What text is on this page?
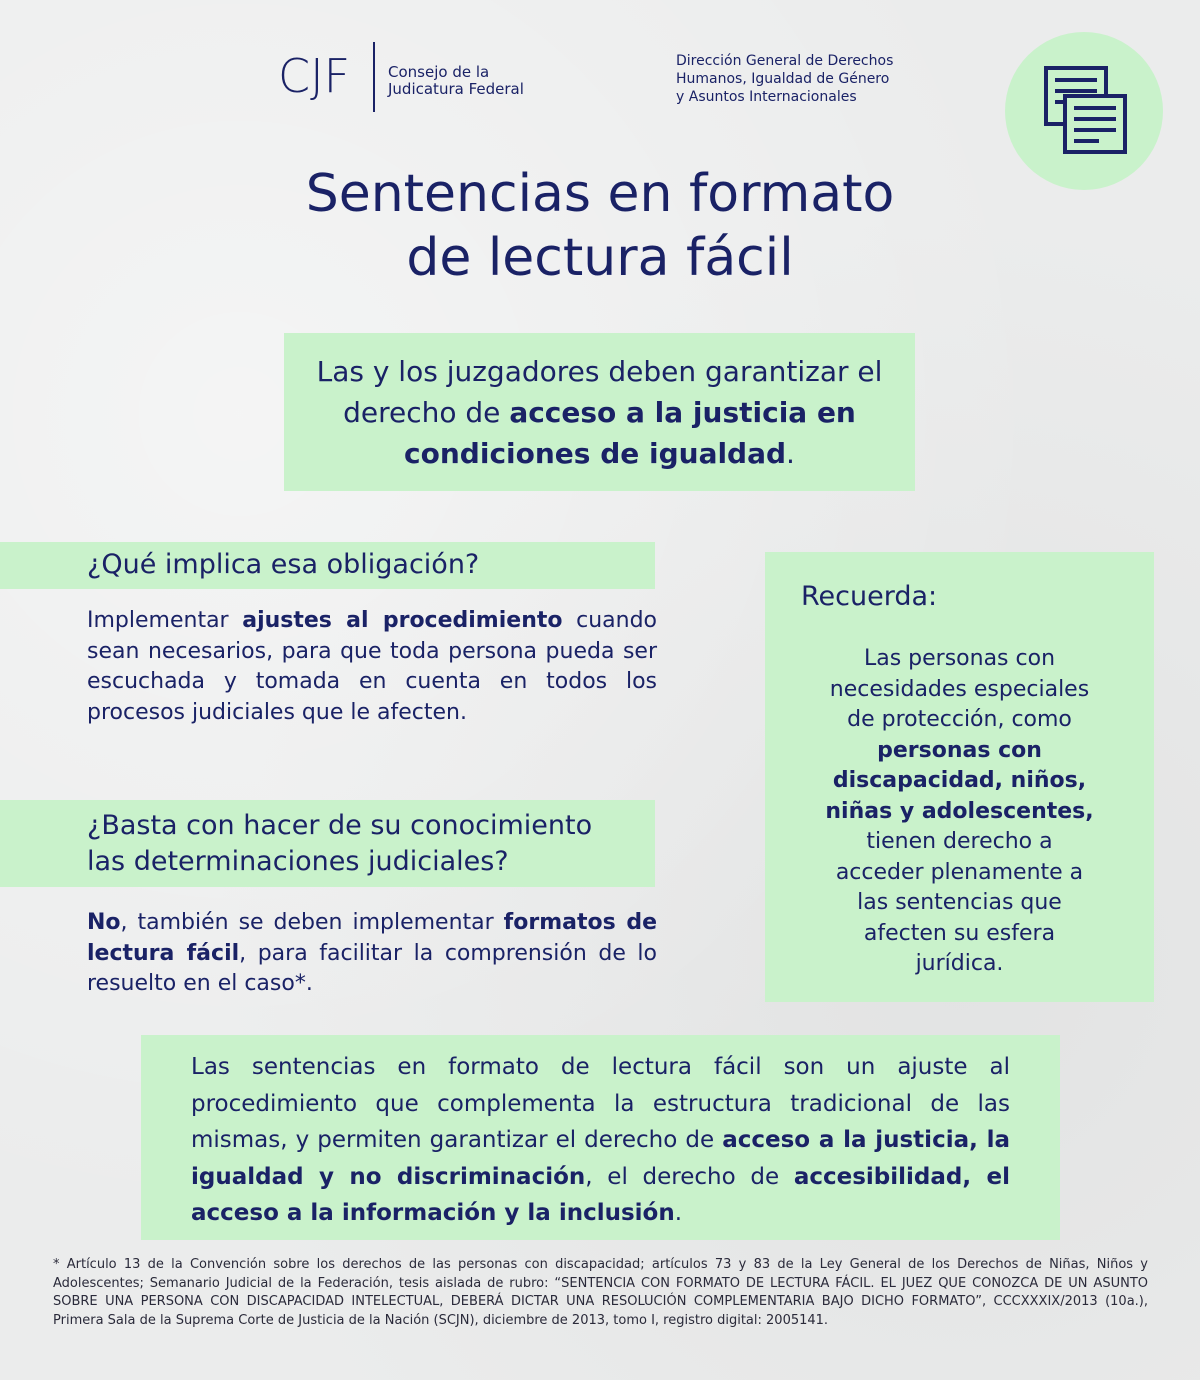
CJF	Consejo de la
Judicatura Federal
Dirección General de Derechos
Humanos, Igualdad de Género
y Asuntos Internacionales
Sentencias en formato
de lectura fácil
Las y los juzgadores deben garantizar el derecho de acceso a la justicia en condiciones de igualdad.
¿Qué implica esa obligación?
Implementar ajustes al procedimiento cuando sean necesarios, para que toda persona pueda ser escuchada y tomada en cuenta en todos los procesos judiciales que le afecten.
¿Basta con hacer de su conocimiento
las determinaciones judiciales?
No, también se deben implementar formatos de lectura fácil, para facilitar la comprensión de lo resuelto en el caso*.
Recuerda:
Las personas con
necesidades especiales
de protección, como
personas con
discapacidad, niños,
niñas y adolescentes,
tienen derecho a
acceder plenamente a
las sentencias que
afecten su esfera
jurídica.
Las sentencias en formato de lectura fácil son un ajuste al procedimiento que complementa la estructura tradicional de las mismas, y permiten garantizar el derecho de acceso a la justicia, la igualdad y no discriminación, el derecho de accesibilidad, el acceso a la información y la inclusión.
* Artículo 13 de la Convención sobre los derechos de las personas con discapacidad; artículos 73 y 83 de la Ley General de los Derechos de Niñas, Niños y Adolescentes; Semanario Judicial de la Federación, tesis aislada de rubro: “SENTENCIA CON FORMATO DE LECTURA FÁCIL. EL JUEZ QUE CONOZCA DE UN ASUNTO SOBRE UNA PERSONA CON DISCAPACIDAD INTELECTUAL, DEBERÁ DICTAR UNA RESOLUCIÓN COMPLEMENTARIA BAJO DICHO FORMATO”, CCCXXXIX/2013 (10a.), Primera Sala de la Suprema Corte de Justicia de la Nación (SCJN), diciembre de 2013, tomo I, registro digital: 2005141.
